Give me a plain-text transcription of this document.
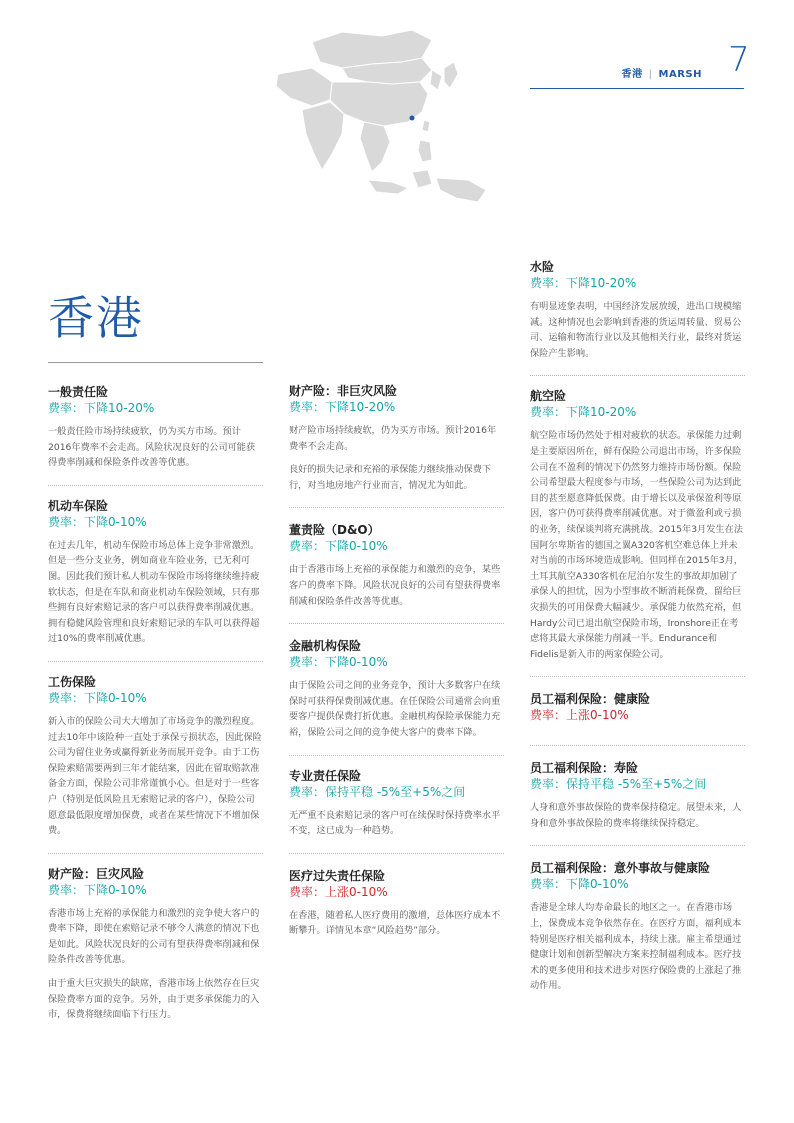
香港 | MARSH 7
香港
一般责任险
费率：下降10-20%
一般责任险市场持续疲软，仍为买方市场。预计2016年费率不会走高。风险状况良好的公司可能获得费率削减和保险条件改善等优惠。
机动车保险
费率：下降0-10%
在过去几年，机动车保险市场总体上竞争非常激烈。但是一些分支业务，例如商业车险业务，已无利可图。因此我们预计私人机动车保险市场将继续维持疲软状态，但是在车队和商业机动车保险领域，只有那些拥有良好索赔记录的客户可以获得费率削减优惠。拥有稳健风险管理和良好索赔记录的车队可以获得超过10%的费率削减优惠。
工伤保险
费率：下降0-10%
新入市的保险公司大大增加了市场竞争的激烈程度。过去10年中该险种一直处于承保亏损状态，因此保险公司为留住业务或赢得新业务而展开竞争。由于工伤保险索赔需要两到三年才能结案，因此在留取赔款准备金方面，保险公司非常谨慎小心。但是对于一些客户（特别是低风险且无索赔记录的客户），保险公司愿意最低限度增加保费，或者在某些情况下不增加保费。
财产险：巨灾风险
费率：下降0-10%
香港市场上充裕的承保能力和激烈的竞争使大客户的费率下降，即使在索赔记录不够令人满意的情况下也是如此。风险状况良好的公司有望获得费率削减和保险条件改善等优惠。
由于重大巨灾损失的缺席，香港市场上依然存在巨灾保险费率方面的竞争。另外，由于更多承保能力的入市，保费将继续面临下行压力。
财产险：非巨灾风险
费率：下降10-20%
财产险市场持续疲软，仍为买方市场。预计2016年费率不会走高。
良好的损失记录和充裕的承保能力继续推动保费下行，对当地房地产行业而言，情况尤为如此。
董责险（D&O）
费率：下降0-10%
由于香港市场上充裕的承保能力和激烈的竞争，某些客户的费率下降。风险状况良好的公司有望获得费率削减和保险条件改善等优惠。
金融机构保险
费率：下降0-10%
由于保险公司之间的业务竞争，预计大多数客户在续保时可获得保费削减优惠。在任保险公司通常会向重要客户提供保费打折优惠。金融机构保险承保能力充裕，保险公司之间的竞争使大客户的费率下降。
专业责任保险
费率：保持平稳 -5%至+5%之间
无严重不良索赔记录的客户可在续保时保持费率水平不变，这已成为一种趋势。
医疗过失责任保险
费率：上涨0-10%
在香港，随着私人医疗费用的激增，总体医疗成本不断攀升。详情见本章“风险趋势”部分。
水险
费率：下降10-20%
有明显迹象表明，中国经济发展放缓，进出口规模缩减。这种情况也会影响到香港的货运周转量、贸易公司、运输和物流行业以及其他相关行业，最终对货运保险产生影响。
航空险
费率：下降10-20%
航空险市场仍然处于相对疲软的状态。承保能力过剩是主要原因所在，鲜有保险公司退出市场，许多保险公司在不盈利的情况下仍然努力维持市场份额。保险公司希望最大程度参与市场，一些保险公司为达到此目的甚至愿意降低保费。由于增长以及承保盈利等原因，客户仍可获得费率削减优惠。对于微盈利或亏损的业务，续保谈判将充满挑战。2015年3月发生在法国阿尔卑斯省的德国之翼A320客机空难总体上并未对当前的市场环境造成影响。但同样在2015年3月，土耳其航空A330客机在尼泊尔发生的事故却加剧了承保人的担忧，因为小型事故不断消耗保费，留给巨灾损失的可用保费大幅减少。承保能力依然充裕，但Hardy公司已退出航空保险市场，Ironshore正在考虑将其最大承保能力削减一半。Endurance和Fidelis是新入市的两家保险公司。
员工福利保险：健康险
费率：上涨0-10%
员工福利保险：寿险
费率：保持平稳 -5%至+5%之间
人身和意外事故保险的费率保持稳定。展望未来，人身和意外事故保险的费率将继续保持稳定。
员工福利保险：意外事故与健康险
费率：下降0-10%
香港是全球人均寿命最长的地区之一。在香港市场上，保费成本竞争依然存在。在医疗方面，福利成本特别是医疗相关福利成本，持续上涨。雇主希望通过健康计划和创新型解决方案来控制福利成本。医疗技术的更多使用和技术进步对医疗保险费的上涨起了推动作用。
